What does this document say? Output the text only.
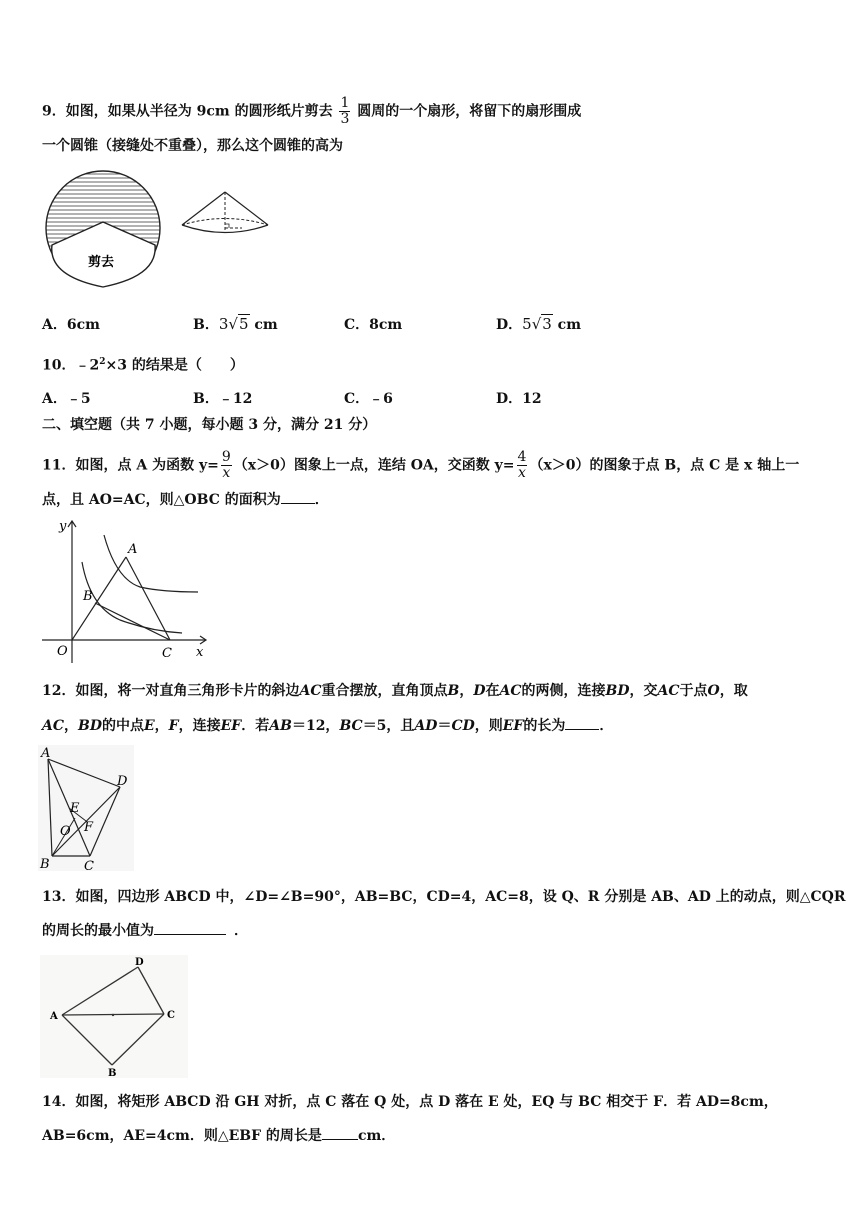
9．如图，如果从半径为 9cm 的圆形纸片剪去 $\frac{1}{3}$ 圆周的一个扇形，将留下的扇形围成
一个圆锥（接缝处不重叠），那么这个圆锥的高为
剪去
A．6cm	B．3√5 cm	C．8cm	D．5√3 cm
10．$﹣2^2\times 3$ 的结果是（　　）
A．﹣5	B．﹣12	C．﹣6	D．12
二、填空题（共 7 小题，每小题 3 分，满分 21 分）
11．如图，点 A 为函数 $y= \frac{9}{x} (x>0)$图象上一点，连结 OA，交函数 $y= \frac{4}{x} (x>0)$的图象于点 B，点 C 是 x 轴上一
点，且 AO=AC，则△OBC 的面积为 ．
y
x
O
A
B
C
12．如图，将一对直角三角形卡片的斜边AC重合摆放，直角顶点B，D在AC的两侧，连接BD，交AC于点O，取
AC，BD的中点E，F，连接EF．若AB＝12，BC＝5，且AD＝CD，则EF的长为 ．
A
D
E
O F
B	C
13．如图，四边形 ABCD 中，∠D=∠B=90°，AB=BC，CD=4，AC=8，设 Q、R 分别是 AB、AD 上的动点，则△CQR
的周长的最小值为	．
A
D
C
B
14．如图，将矩形 ABCD 沿 GH 对折，点 C 落在 Q 处，点 D 落在 E 处，EQ 与 BC 相交于 F．若 AD=8cm，
AB=6cm，AE=4cm．则△EBF 的周长是	cm．
